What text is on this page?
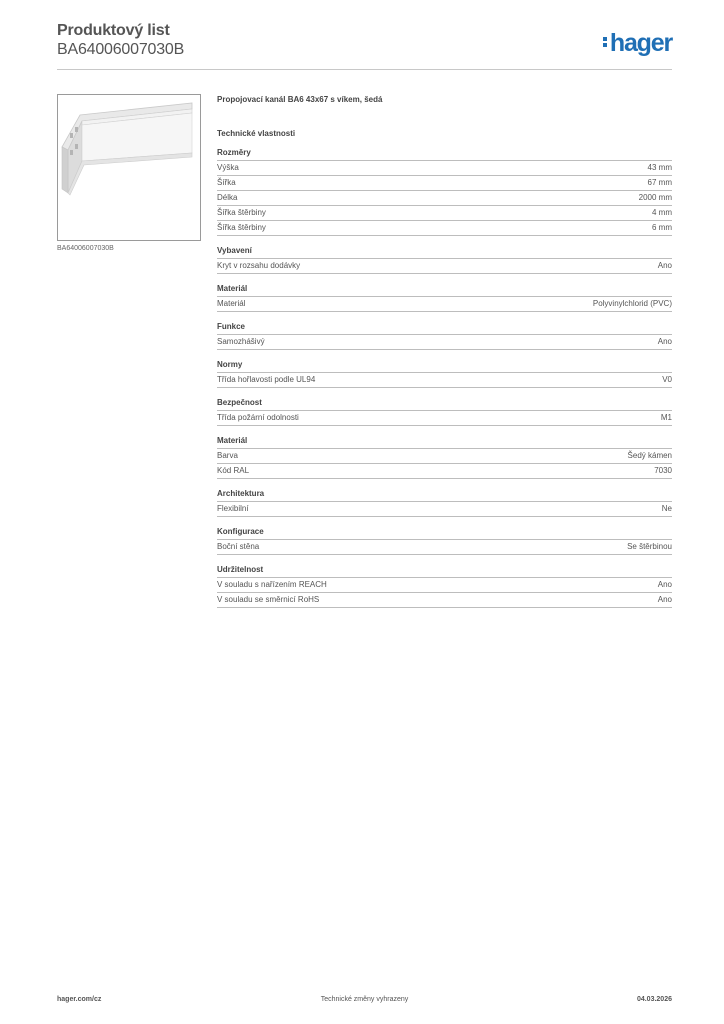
Produktový list
BA64006007030B	hager
BA64006007030B
Propojovací kanál BA6 43x67 s víkem, šedá
Technické vlastnosti
Rozměry
Výška	43 mm
Šířka	67 mm
Délka	2000 mm
Šířka štěrbiny	4 mm
Šířka štěrbiny	6 mm
Vybavení
Kryt v rozsahu dodávky	Ano
Materiál
Materiál	Polyvinylchlorid (PVC)
Funkce
Samozhášivý	Ano
Normy
Třída hořlavosti podle UL94	V0
Bezpečnost
Třída požární odolnosti	M1
Materiál
Barva	Šedý kámen
Kód RAL	7030
Architektura
Flexibilní	Ne
Konfigurace
Boční stěna	Se štěrbinou
Udržitelnost
V souladu s nařízením REACH	Ano
V souladu se směrnicí RoHS	Ano
hager.com/cz	Technické změny vyhrazeny	04.03.2026
